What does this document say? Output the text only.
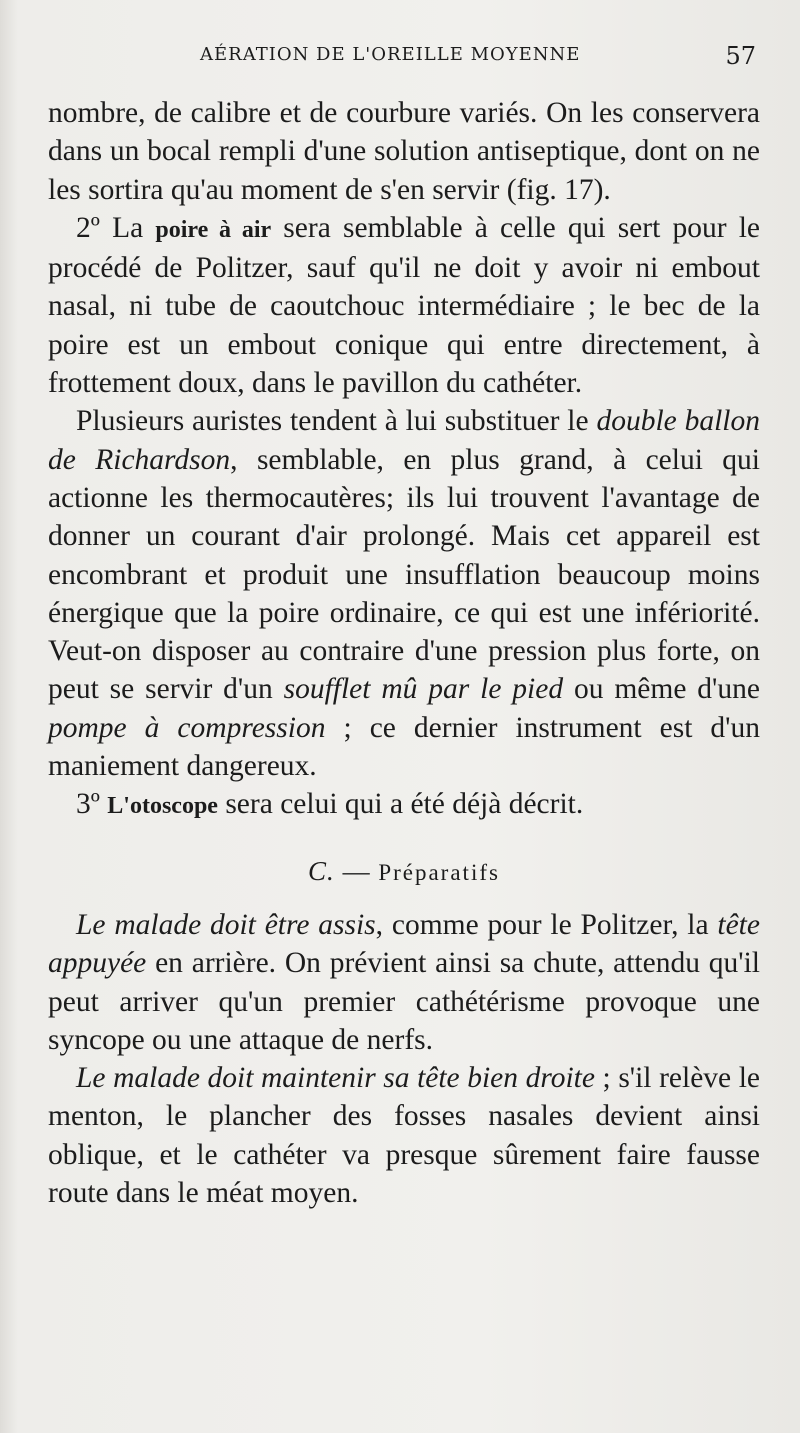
AÉRATION DE L'OREILLE MOYENNE	57

nombre, de calibre et de courbure variés. On les conservera dans un bocal rempli d'une solution antiseptique, dont on ne les sortira qu'au moment de s'en servir (fig. 17).

2º La poire à air sera semblable à celle qui sert pour le procédé de Politzer, sauf qu'il ne doit y avoir ni embout nasal, ni tube de caoutchouc intermédiaire ; le bec de la poire est un embout conique qui entre directement, à frottement doux, dans le pavillon du cathéter.

Plusieurs auristes tendent à lui substituer le double ballon de Richardson, semblable, en plus grand, à celui qui actionne les thermocautères; ils lui trouvent l'avantage de donner un courant d'air prolongé. Mais cet appareil est encombrant et produit une insufflation beaucoup moins énergique que la poire ordinaire, ce qui est une infériorité. Veut-on disposer au contraire d'une pression plus forte, on peut se servir d'un soufflet mû par le pied ou même d'une pompe à compression ; ce dernier instrument est d'un maniement dangereux.

3º L'otoscope sera celui qui a été déjà décrit.

C. — Préparatifs

Le malade doit être assis, comme pour le Politzer, la tête appuyée en arrière. On prévient ainsi sa chute, attendu qu'il peut arriver qu'un premier cathétérisme provoque une syncope ou une attaque de nerfs.

Le malade doit maintenir sa tête bien droite ; s'il relève le menton, le plancher des fosses nasales devient ainsi oblique, et le cathéter va presque sûrement faire fausse route dans le méat moyen.
